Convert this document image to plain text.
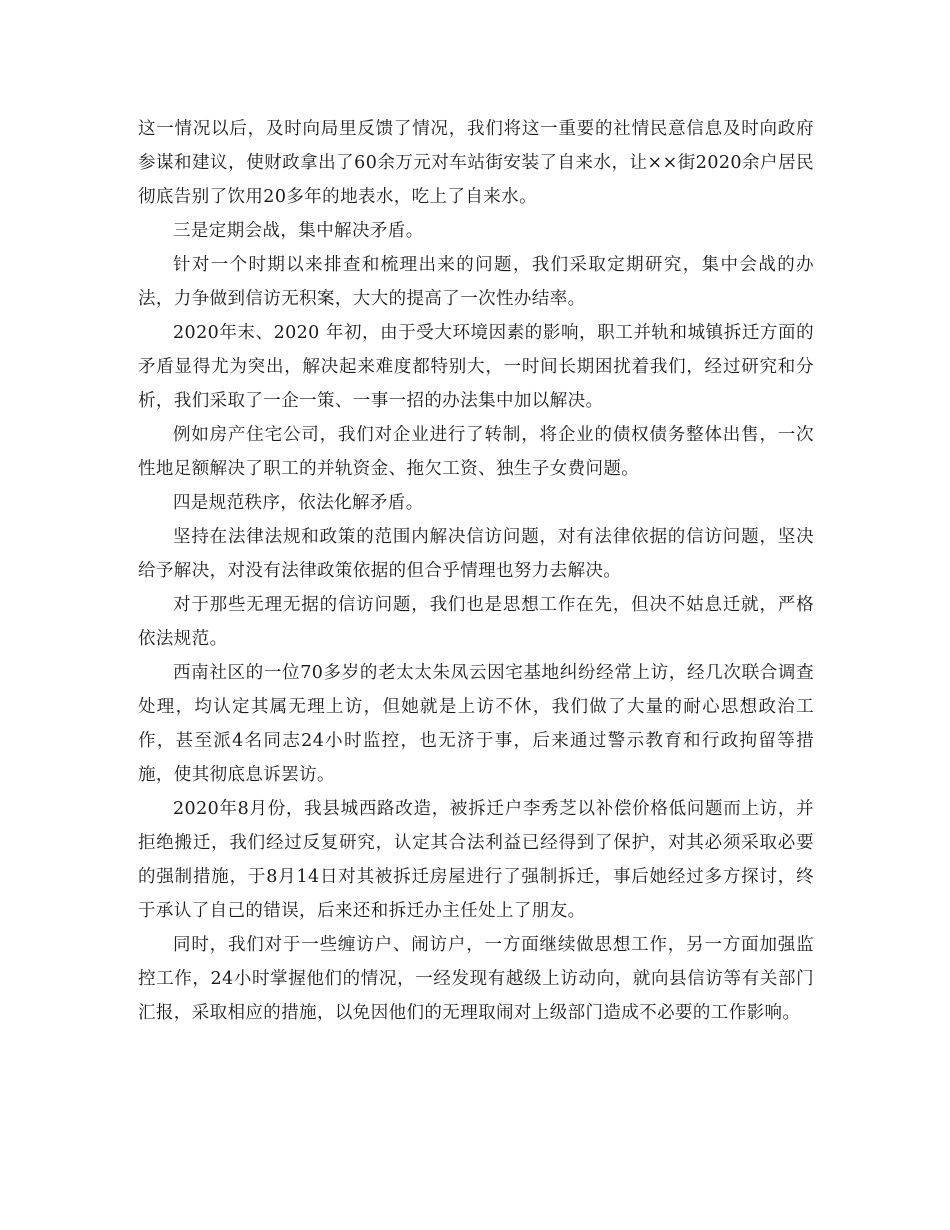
这一情况以后，及时向局里反馈了情况，我们将这一重要的社情民意信息及时向政府参谋和建议，使财政拿出了60余万元对车站街安装了自来水，让××街2020余户居民彻底告别了饮用20多年的地表水，吃上了自来水。

三是定期会战，集中解决矛盾。

针对一个时期以来排查和梳理出来的问题，我们采取定期研究，集中会战的办法，力争做到信访无积案，大大的提高了一次性办结率。

2020年末、2020 年初，由于受大环境因素的影响，职工并轨和城镇拆迁方面的矛盾显得尤为突出，解决起来难度都特别大，一时间长期困扰着我们，经过研究和分析，我们采取了一企一策、一事一招的办法集中加以解决。

例如房产住宅公司，我们对企业进行了转制，将企业的债权债务整体出售，一次性地足额解决了职工的并轨资金、拖欠工资、独生子女费问题。

四是规范秩序，依法化解矛盾。

坚持在法律法规和政策的范围内解决信访问题，对有法律依据的信访问题，坚决给予解决，对没有法律政策依据的但合乎情理也努力去解决。

对于那些无理无据的信访问题，我们也是思想工作在先，但决不姑息迁就，严格依法规范。

西南社区的一位70多岁的老太太朱凤云因宅基地纠纷经常上访，经几次联合调查处理，均认定其属无理上访，但她就是上访不休，我们做了大量的耐心思想政治工作，甚至派4名同志24小时监控，也无济于事，后来通过警示教育和行政拘留等措施，使其彻底息诉罢访。

2020年8月份，我县城西路改造，被拆迁户李秀芝以补偿价格低问题而上访，并拒绝搬迁，我们经过反复研究，认定其合法利益已经得到了保护，对其必须采取必要的强制措施，于8月14日对其被拆迁房屋进行了强制拆迁，事后她经过多方探讨，终于承认了自己的错误，后来还和拆迁办主任处上了朋友。

同时，我们对于一些缠访户、闹访户，一方面继续做思想工作，另一方面加强监控工作，24小时掌握他们的情况，一经发现有越级上访动向，就向县信访等有关部门汇报，采取相应的措施，以免因他们的无理取闹对上级部门造成不必要的工作影响。
